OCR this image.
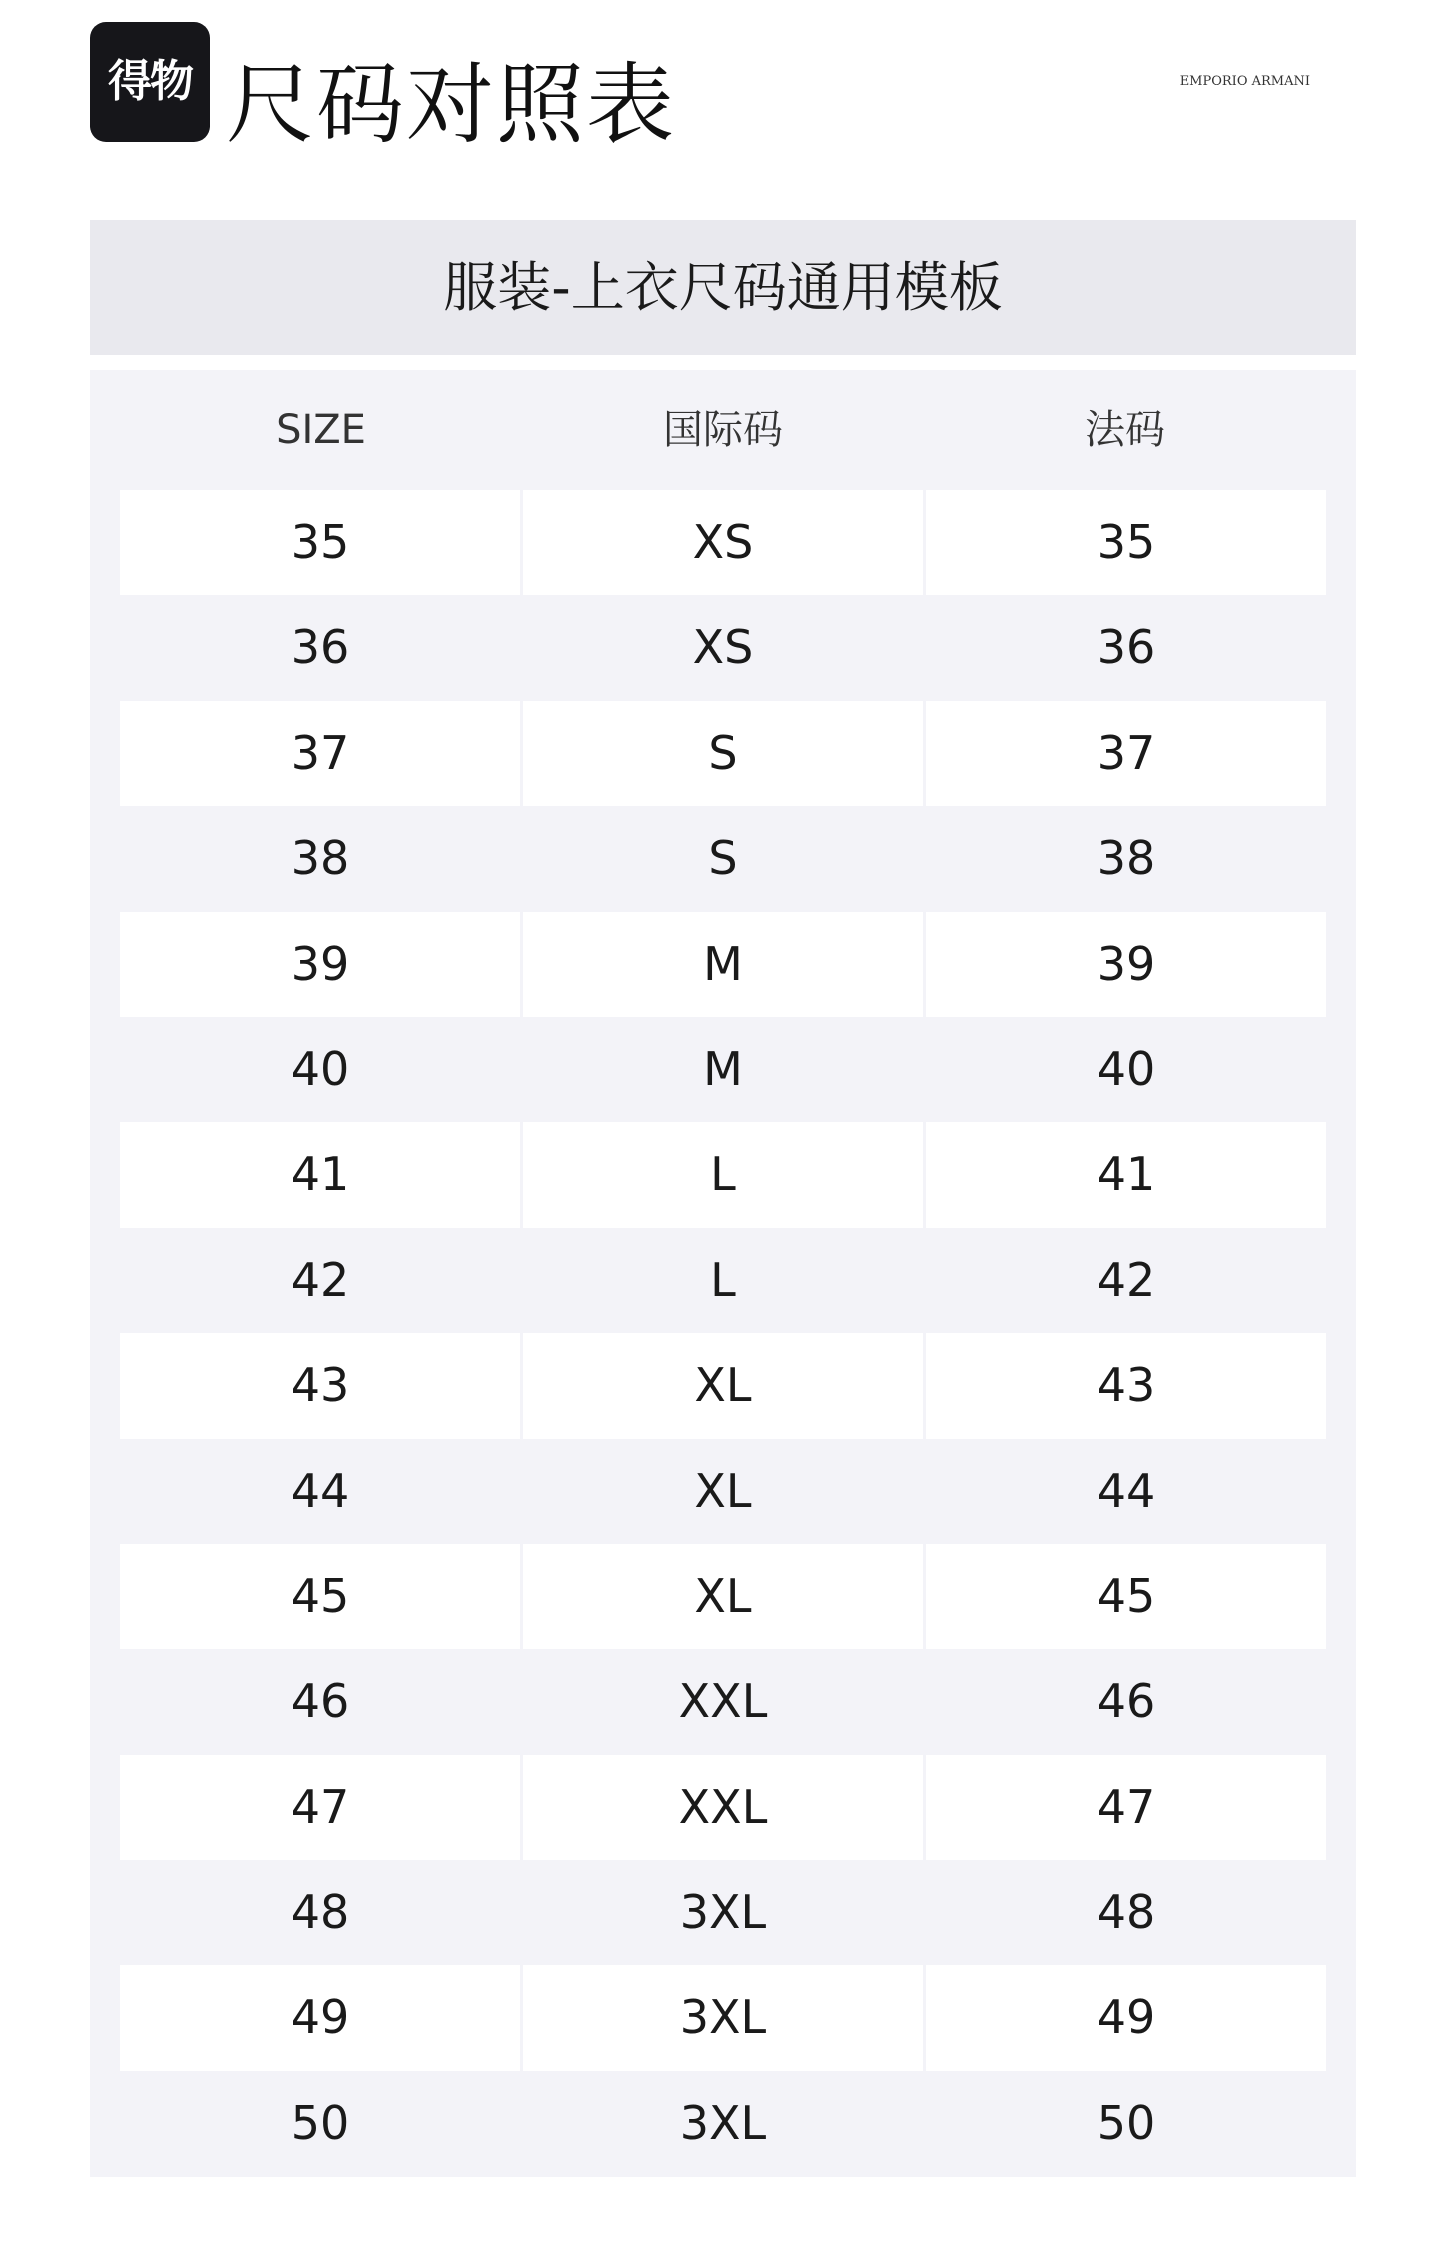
得物 尺码对照表	EMPORIO ARMANI
服装-上衣尺码通用模板
SIZE	国际码	法码
35	XS	35
36	XS	36
37	S	37
38	S	38
39	M	39
40	M	40
41	L	41
42	L	42
43	XL	43
44	XL	44
45	XL	45
46	XXL	46
47	XXL	47
48	3XL	48
49	3XL	49
50	3XL	50
